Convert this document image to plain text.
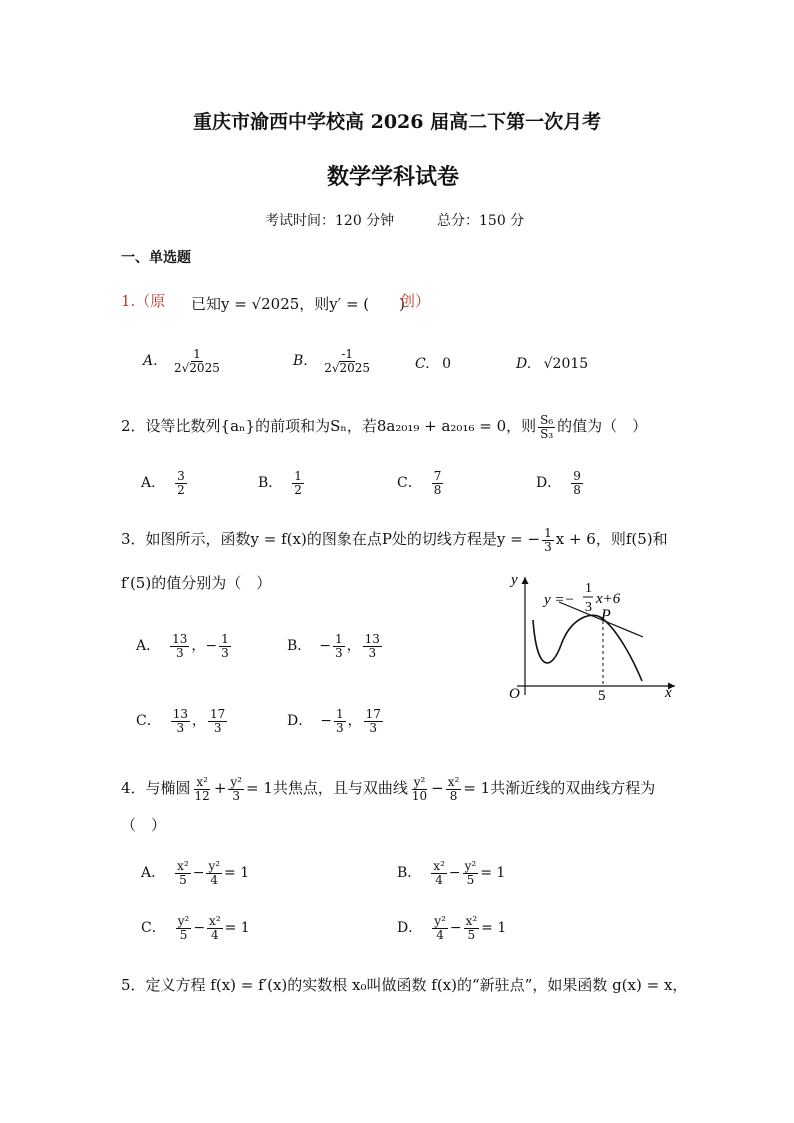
重庆市渝西中学校高 2026 届高二下第一次月考
数学学科试卷
考试时间：120 分钟	总分：150 分
一、单选题
1.（原 已知y = √2025，则y′ = (　　)
创）
A. $\frac{1}{2√2025}$	B. $\frac{-1}{2√2025}$	C. 0	D. √2015
2．设等比数列{aₙ}的前项和为Sₙ，若8a₂₀₁₉ + a₂₀₁₆ = 0，则 $\frac{\text{S₆}}{\text{S₃}}$ 的值为（　）
A． $\frac{3}{2}$	B． $\frac{1}{2}$	C． $\frac{7}{8}$	D． $\frac{9}{8}$
3．如图所示，函数y = f(x)的图象在点P处的切线方程是y = − $\frac{1}{3}$ x + 6，则f(5)和
f′(5)的值分别为（　）
A． $\frac{13}{3}$ ，− $\frac{1}{3}$	B． − $\frac{1}{3}$ ， $\frac{13}{3}$
C． $\frac{13}{3}$ ， $\frac{17}{3}$	D． − $\frac{1}{3}$ ， $\frac{17}{3}$
y
x
O	5
P
y =−
1
3
x+6
4．与椭圆 $\frac{\text{x²}}{12} + \frac{\text{y²}}{3} = 1$共焦点，且与双曲线 $\frac{\text{y²}}{10} - \frac{\text{x²}}{8} = 1$共渐近线的双曲线方程为
（　）
A． $\frac{\text{x²}}{5} - \frac{\text{y²}}{4} = 1$	B． $\frac{\text{x²}}{4} - \frac{\text{y²}}{5} = 1$
C． $\frac{\text{y²}}{5} - \frac{\text{x²}}{4} = 1$	D． $\frac{\text{y²}}{4} - \frac{\text{x²}}{5} = 1$
5．定义方程 f(x) = f′(x)的实数根 x₀叫做函数 f(x)的“新驻点”，如果函数 g(x) = x，
